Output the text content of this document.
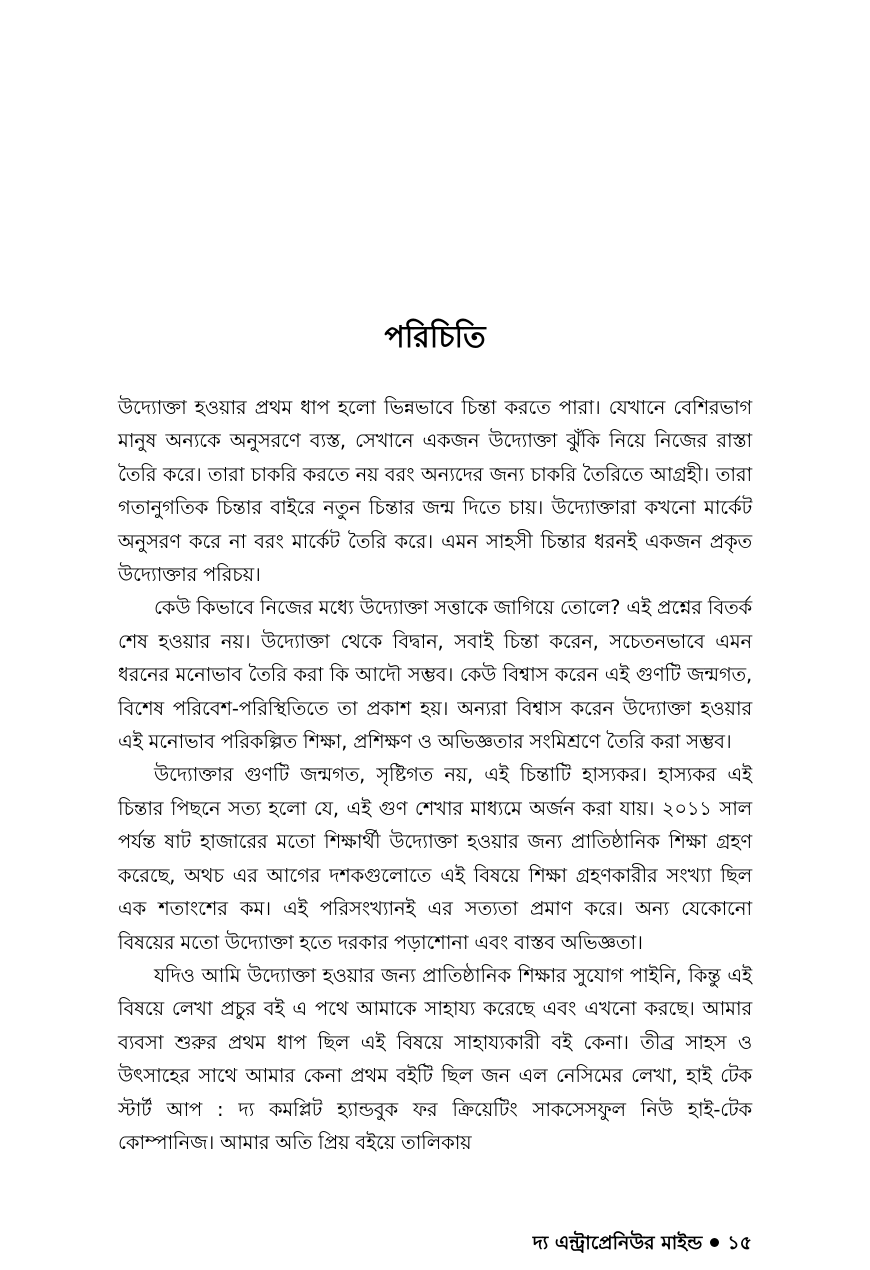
পরিচিতি

উদ্যোক্তা হওয়ার প্রথম ধাপ হলো ভিন্নভাবে চিন্তা করতে পারা। যেখানে বেশিরভাগ মানুষ অন্যকে অনুসরণে ব্যস্ত, সেখানে একজন উদ্যোক্তা ঝুঁকি নিয়ে নিজের রাস্তা তৈরি করে। তারা চাকরি করতে নয় বরং অন্যদের জন্য চাকরি তৈরিতে আগ্রহী। তারা গতানুগতিক চিন্তার বাইরে নতুন চিন্তার জন্ম দিতে চায়। উদ্যোক্তারা কখনো মার্কেট অনুসরণ করে না বরং মার্কেট তৈরি করে। এমন সাহসী চিন্তার ধরনই একজন প্রকৃত উদ্যোক্তার পরিচয়।

কেউ কিভাবে নিজের মধ্যে উদ্যোক্তা সত্তাকে জাগিয়ে তোলে? এই প্রশ্নের বিতর্ক শেষ হওয়ার নয়। উদ্যোক্তা থেকে বিদ্বান, সবাই চিন্তা করেন, সচেতনভাবে এমন ধরনের মনোভাব তৈরি করা কি আদৌ সম্ভব। কেউ বিশ্বাস করেন এই গুণটি জন্মগত, বিশেষ পরিবেশ-পরিস্থিতিতে তা প্রকাশ হয়। অন্যরা বিশ্বাস করেন উদ্যোক্তা হওয়ার এই মনোভাব পরিকল্পিত শিক্ষা, প্রশিক্ষণ ও অভিজ্ঞতার সংমিশ্রণে তৈরি করা সম্ভব।

উদ্যোক্তার গুণটি জন্মগত, সৃষ্টিগত নয়, এই চিন্তাটি হাস্যকর। হাস্যকর এই চিন্তার পিছনে সত্য হলো যে, এই গুণ শেখার মাধ্যমে অর্জন করা যায়। ২০১১ সাল পর্যন্ত ষাট হাজারের মতো শিক্ষার্থী উদ্যোক্তা হওয়ার জন্য প্রাতিষ্ঠানিক শিক্ষা গ্রহণ করেছে, অথচ এর আগের দশকগুলোতে এই বিষয়ে শিক্ষা গ্রহণকারীর সংখ্যা ছিল এক শতাংশের কম। এই পরিসংখ্যানই এর সত্যতা প্রমাণ করে। অন্য যেকোনো বিষয়ের মতো উদ্যোক্তা হতে দরকার পড়াশোনা এবং বাস্তব অভিজ্ঞতা।

যদিও আমি উদ্যোক্তা হওয়ার জন্য প্রাতিষ্ঠানিক শিক্ষার সুযোগ পাইনি, কিন্তু এই বিষয়ে লেখা প্রচুর বই এ পথে আমাকে সাহায্য করেছে এবং এখনো করছে। আমার ব্যবসা শুরুর প্রথম ধাপ ছিল এই বিষয়ে সাহায্যকারী বই কেনা। তীব্র সাহস ও উৎসাহের সাথে আমার কেনা প্রথম বইটি ছিল জন এল নেসিমের লেখা, হাই টেক স্টার্ট আপ : দ্য কমপ্লিট হ্যান্ডবুক ফর ক্রিয়েটিং সাকসেসফুল নিউ হাই-টেক কোম্পানিজ। আমার অতি প্রিয় বইয়ে তালিকায়

দ্য এন্ট্রাপ্রেনিউর মাইন্ড ১৫
